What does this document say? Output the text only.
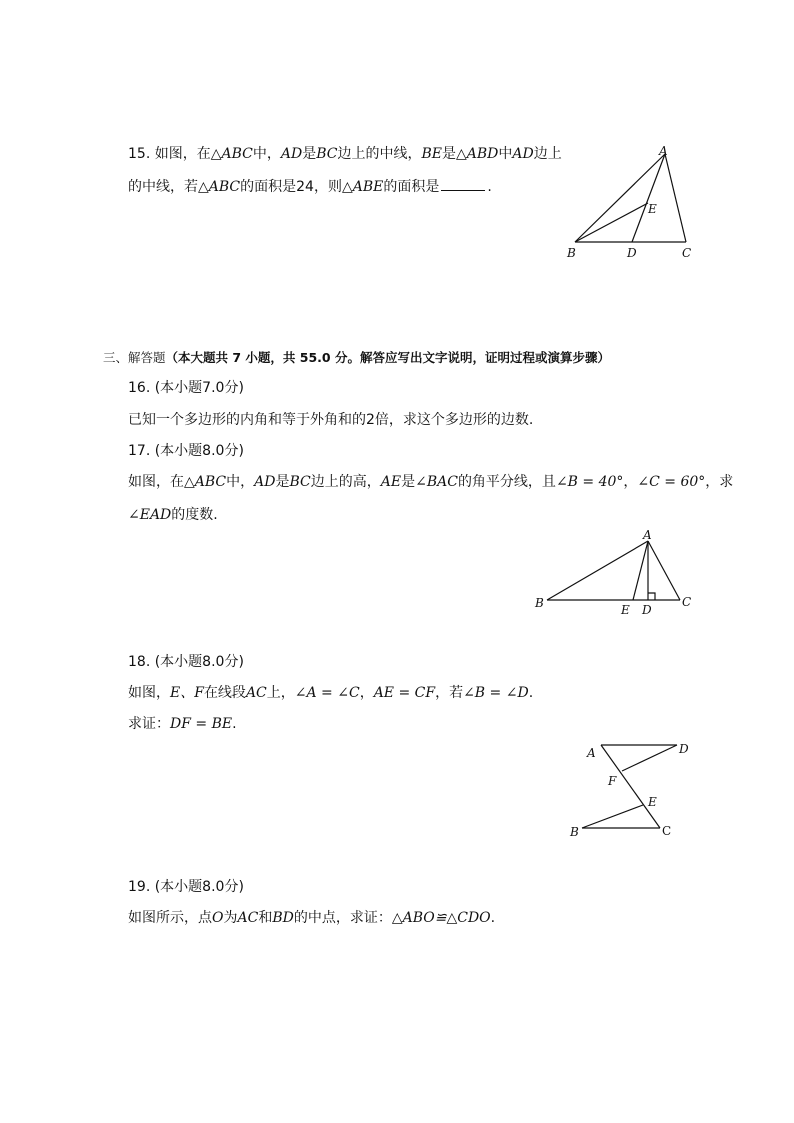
15. 如图，在△ABC中，AD是BC边上的中线，BE是△ABD中AD边上
的中线，若△ABC的面积是24，则△ABE的面积是	.
A
B	C
D
E
三、解答题（本大题共 7 小题，共 55.0 分。解答应写出文字说明，证明过程或演算步骤）
16. (本小题7.0分)
已知一个多边形的内角和等于外角和的2倍，求这个多边形的边数.
17. (本小题8.0分)
如图，在△ABC中，AD是BC边上的高，AE是∠BAC的角平分线，且∠B = 40°，∠C = 60°，求
∠EAD的度数.
A
B	C
D
E
18. (本小题8.0分)
如图，E、F在线段AC上，∠A = ∠C，AE = CF，若∠B = ∠D.
求证：DF = BE.
A	D
F
E
B	C
19. (本小题8.0分)
如图所示，点O为AC和BD的中点，求证：△ABO≌△CDO.
